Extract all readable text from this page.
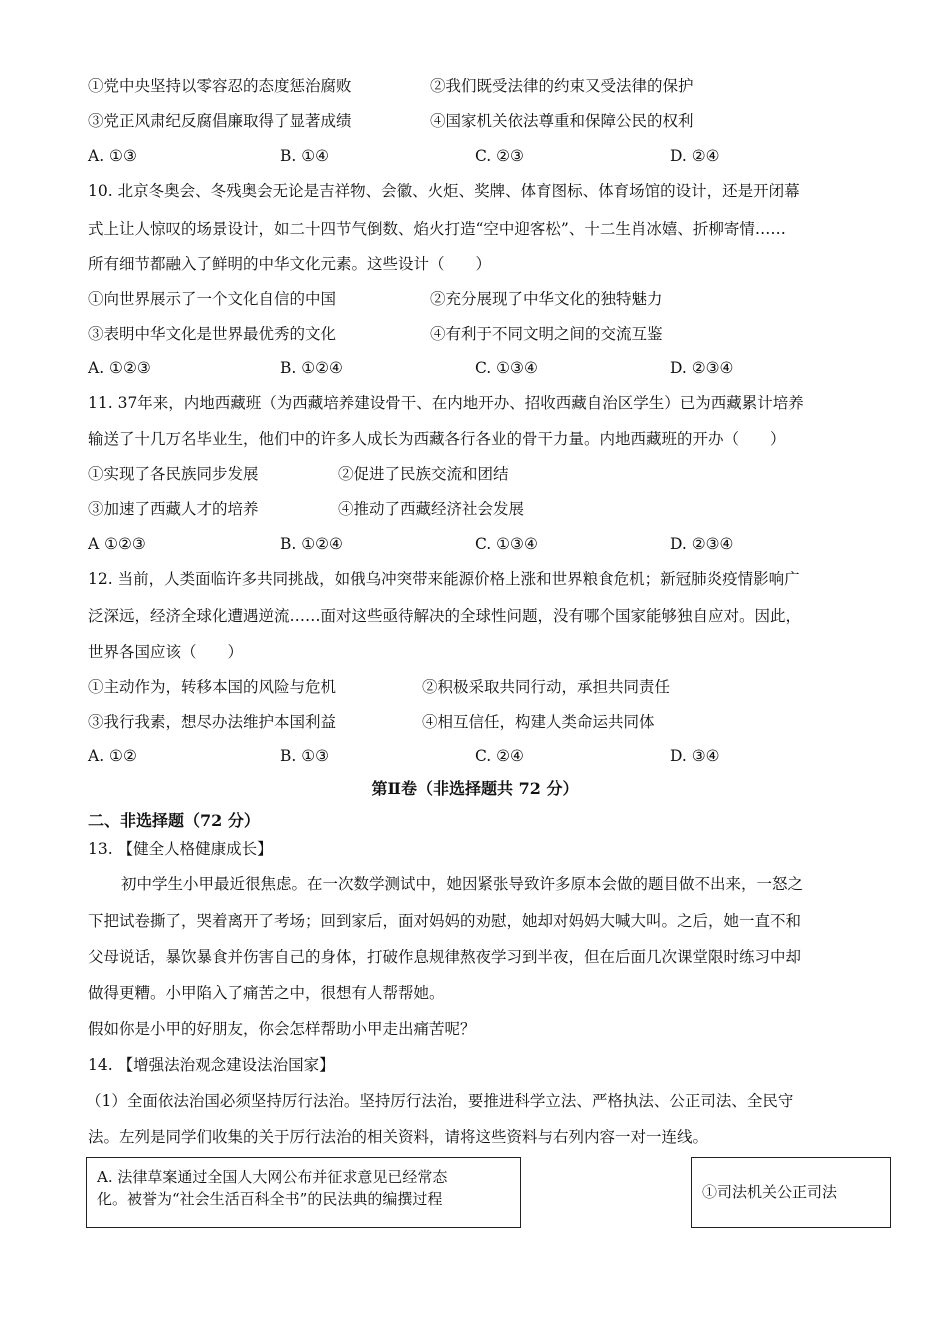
①党中央坚持以零容忍的态度惩治腐败	②我们既受法律的约束又受法律的保护
③党正风肃纪反腐倡廉取得了显著成绩	④国家机关依法尊重和保障公民的权利
A. ①③	B. ①④	C. ②③	D. ②④
10. 北京冬奥会、冬残奥会无论是吉祥物、会徽、火炬、奖牌、体育图标、体育场馆的设计，还是开闭幕
式上让人惊叹的场景设计，如二十四节气倒数、焰火打造“空中迎客松”、十二生肖冰嬉、折柳寄情……
所有细节都融入了鲜明的中华文化元素。这些设计（　　）
①向世界展示了一个文化自信的中国	②充分展现了中华文化的独特魅力
③表明中华文化是世界最优秀的文化	④有利于不同文明之间的交流互鉴
A. ①②③	B. ①②④	C. ①③④	D. ②③④
11. 37年来，内地西藏班（为西藏培养建设骨干、在内地开办、招收西藏自治区学生）已为西藏累计培养
输送了十几万名毕业生，他们中的许多人成长为西藏各行各业的骨干力量。内地西藏班的开办（　　）
①实现了各民族同步发展	②促进了民族交流和团结
③加速了西藏人才的培养	④推动了西藏经济社会发展
A ①②③	B. ①②④	C. ①③④	D. ②③④
12. 当前，人类面临许多共同挑战，如俄乌冲突带来能源价格上涨和世界粮食危机；新冠肺炎疫情影响广
泛深远，经济全球化遭遇逆流……面对这些亟待解决的全球性问题，没有哪个国家能够独自应对。因此，
世界各国应该（　　）
①主动作为，转移本国的风险与危机	②积极采取共同行动，承担共同责任
③我行我素，想尽办法维护本国利益	④相互信任，构建人类命运共同体
A. ①②	B. ①③	C. ②④	D. ③④
第Ⅱ卷（非选择题共 72 分）
二、非选择题（72 分）
13. 【健全人格健康成长】
初中学生小甲最近很焦虑。在一次数学测试中，她因紧张导致许多原本会做的题目做不出来，一怒之
下把试卷撕了，哭着离开了考场；回到家后，面对妈妈的劝慰，她却对妈妈大喊大叫。之后，她一直不和
父母说话，暴饮暴食并伤害自己的身体，打破作息规律熬夜学习到半夜，但在后面几次课堂限时练习中却
做得更糟。小甲陷入了痛苦之中，很想有人帮帮她。
假如你是小甲的好朋友，你会怎样帮助小甲走出痛苦呢？
14. 【增强法治观念建设法治国家】
（1）全面依法治国必须坚持厉行法治。坚持厉行法治，要推进科学立法、严格执法、公正司法、全民守
法。左列是同学们收集的关于厉行法治的相关资料，请将这些资料与右列内容一对一连线。
A. 法律草案通过全国人大网公布并征求意见已经常态
化。被誉为“社会生活百科全书”的民法典的编撰过程	①司法机关公正司法
